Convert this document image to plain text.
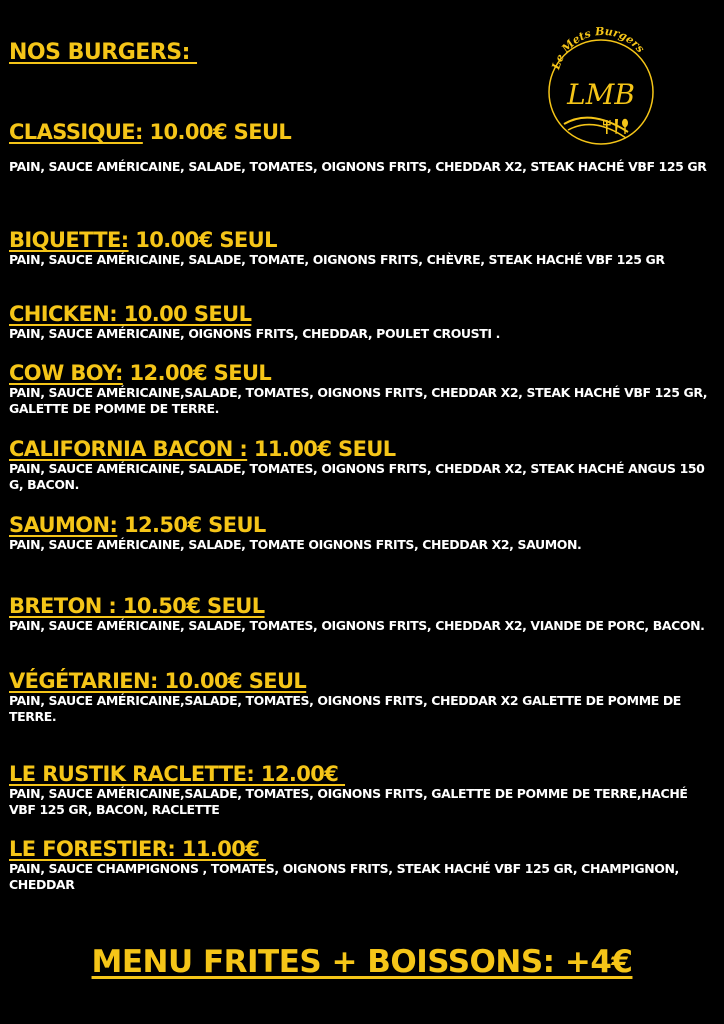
NOS BURGERS:
Le Mets Burgers
LMB
CLASSIQUE: 10.00€ SEUL
PAIN, SAUCE AMÉRICAINE, SALADE, TOMATES, OIGNONS FRITS, CHEDDAR X2, STEAK HACHÉ VBF 125 GR
BIQUETTE: 10.00€ SEUL
PAIN, SAUCE AMÉRICAINE, SALADE, TOMATE, OIGNONS FRITS, CHÈVRE, STEAK HACHÉ VBF 125 GR
CHICKEN: 10.00 SEUL
PAIN, SAUCE AMÉRICAINE, OIGNONS FRITS, CHEDDAR, POULET CROUSTI .
COW BOY: 12.00€ SEUL
PAIN, SAUCE AMÉRICAINE,SALADE, TOMATES, OIGNONS FRITS, CHEDDAR X2, STEAK HACHÉ VBF 125 GR, GALETTE DE POMME DE TERRE.
CALIFORNIA BACON : 11.00€ SEUL
PAIN, SAUCE AMÉRICAINE, SALADE, TOMATES, OIGNONS FRITS, CHEDDAR X2, STEAK HACHÉ ANGUS 150 G, BACON.
SAUMON: 12.50€ SEUL
PAIN, SAUCE AMÉRICAINE, SALADE, TOMATE OIGNONS FRITS, CHEDDAR X2, SAUMON.
BRETON : 10.50€ SEUL
PAIN, SAUCE AMÉRICAINE, SALADE, TOMATES, OIGNONS FRITS, CHEDDAR X2, VIANDE DE PORC, BACON.
VÉGÉTARIEN: 10.00€ SEUL
PAIN, SAUCE AMÉRICAINE,SALADE, TOMATES, OIGNONS FRITS, CHEDDAR X2 GALETTE DE POMME DE TERRE.
LE RUSTIK RACLETTE: 12.00€
PAIN, SAUCE AMÉRICAINE,SALADE, TOMATES, OIGNONS FRITS, GALETTE DE POMME DE TERRE,HACHÉ VBF 125 GR, BACON, RACLETTE
LE FORESTIER: 11.00€
PAIN, SAUCE CHAMPIGNONS , TOMATES, OIGNONS FRITS, STEAK HACHÉ VBF 125 GR, CHAMPIGNON, CHEDDAR
MENU FRITES + BOISSONS: +4€
